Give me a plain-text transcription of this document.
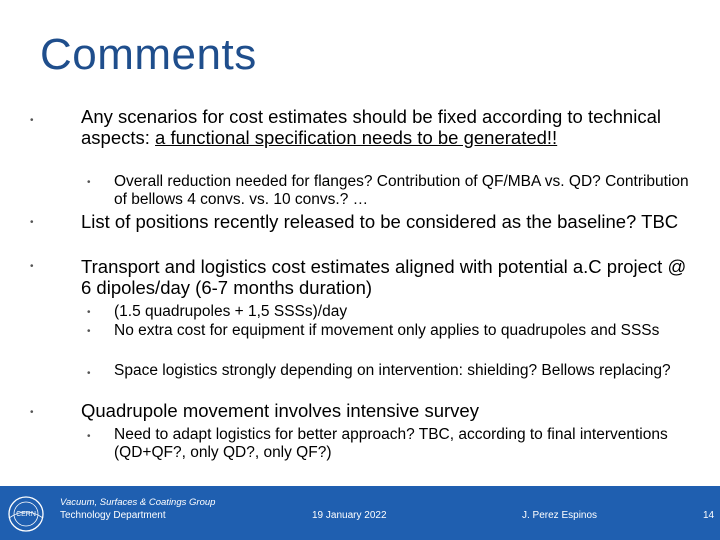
Comments
•	Any scenarios for cost estimates should be fixed according to technical aspects: a functional specification needs to be generated!!
• Overall reduction needed for flanges? Contribution of QF/MBA vs. QD? Contribution of bellows 4 convs. vs. 10 convs.? …
•	List of positions recently released to be considered as the baseline? TBC
•	Transport and logistics cost estimates aligned with potential a.C project @ 6 dipoles/day (6-7 months duration)
• (1.5 quadrupoles + 1,5 SSSs)/day
• No extra cost for equipment if movement only applies to quadrupoles and SSSs
• Space logistics strongly depending on intervention: shielding? Bellows replacing?
•	Quadrupole movement involves intensive survey
• Need to adapt logistics for better approach? TBC, according to final interventions (QD+QF?, only QD?, only QF?)
CERN
Vacuum, Surfaces & Coatings Group
Technology Department	19 January 2022	J. Perez Espinos	14
